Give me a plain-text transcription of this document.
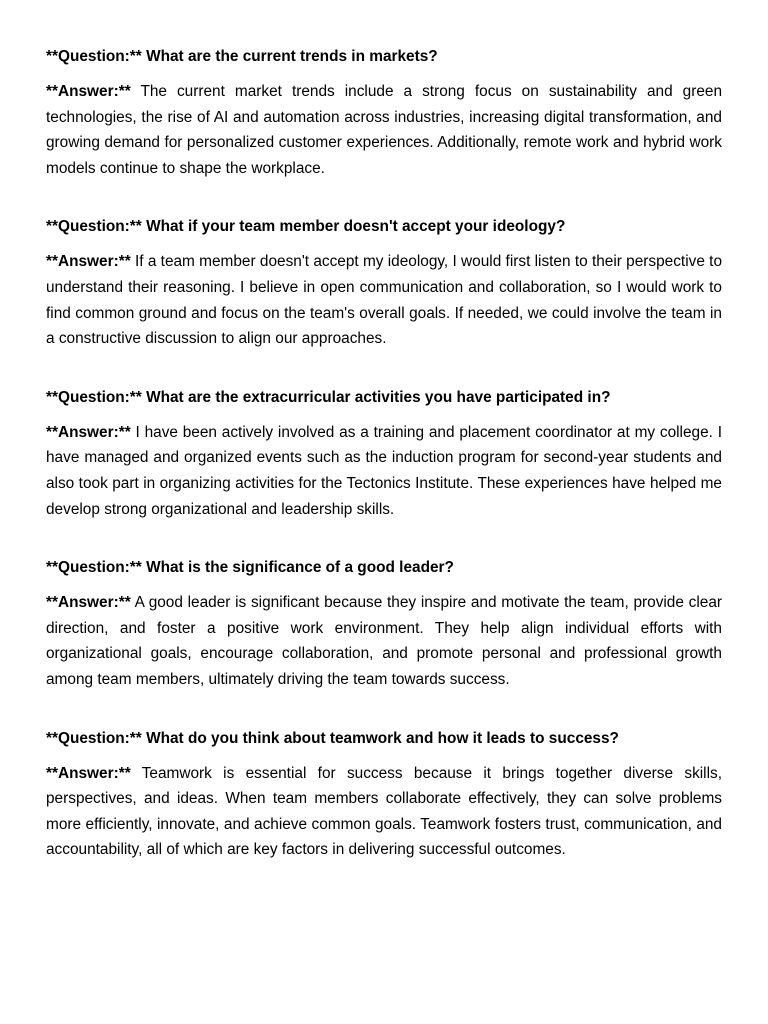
**Question:** What are the current trends in markets?

**Answer:** The current market trends include a strong focus on sustainability and green technologies, the rise of AI and automation across industries, increasing digital transformation, and growing demand for personalized customer experiences. Additionally, remote work and hybrid work models continue to shape the workplace.

**Question:** What if your team member doesn't accept your ideology?

**Answer:** If a team member doesn't accept my ideology, I would first listen to their perspective to understand their reasoning. I believe in open communication and collaboration, so I would work to find common ground and focus on the team's overall goals. If needed, we could involve the team in a constructive discussion to align our approaches.

**Question:** What are the extracurricular activities you have participated in?

**Answer:** I have been actively involved as a training and placement coordinator at my college. I have managed and organized events such as the induction program for second-year students and also took part in organizing activities for the Tectonics Institute. These experiences have helped me develop strong organizational and leadership skills.

**Question:** What is the significance of a good leader?

**Answer:** A good leader is significant because they inspire and motivate the team, provide clear direction, and foster a positive work environment. They help align individual efforts with organizational goals, encourage collaboration, and promote personal and professional growth among team members, ultimately driving the team towards success.

**Question:** What do you think about teamwork and how it leads to success?

**Answer:** Teamwork is essential for success because it brings together diverse skills, perspectives, and ideas. When team members collaborate effectively, they can solve problems more efficiently, innovate, and achieve common goals. Teamwork fosters trust, communication, and accountability, all of which are key factors in delivering successful outcomes.
